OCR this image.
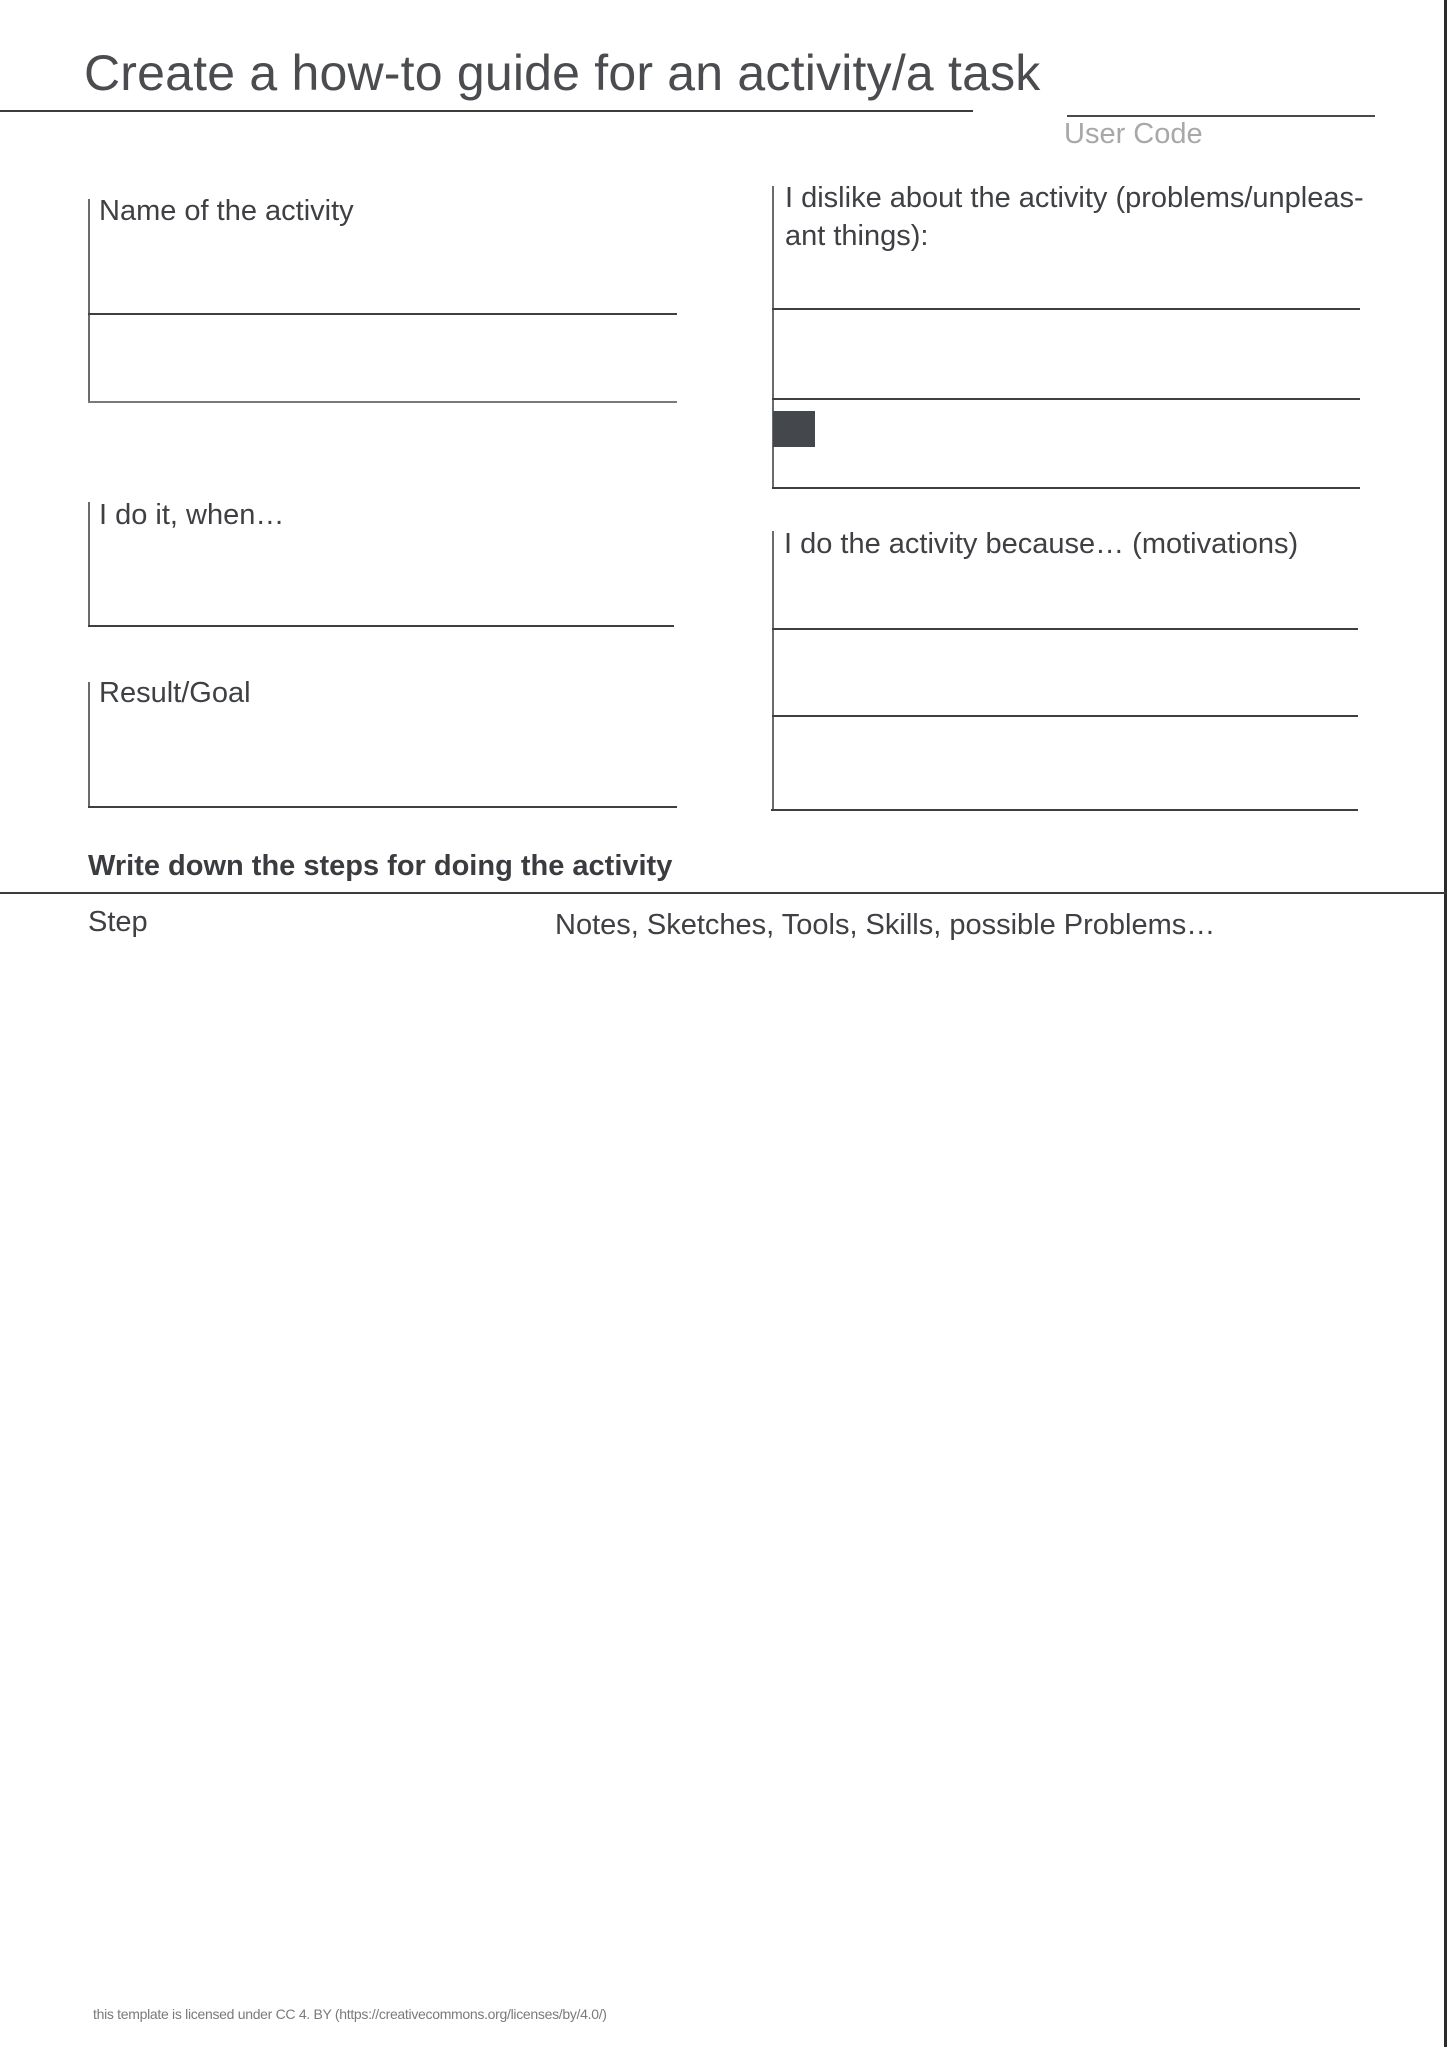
Create a how-to guide for an activity/a task
User Code
Name of the activity	I dislike about the activity (problems/unpleas-
ant things):
I do it, when…
I do the activity because… (motivations)
Result/Goal
Write down the steps for doing the activity
Step	Notes, Sketches, Tools, Skills, possible Problems…
this template is licensed under CC 4. BY (https://creativecommons.org/licenses/by/4.0/)
